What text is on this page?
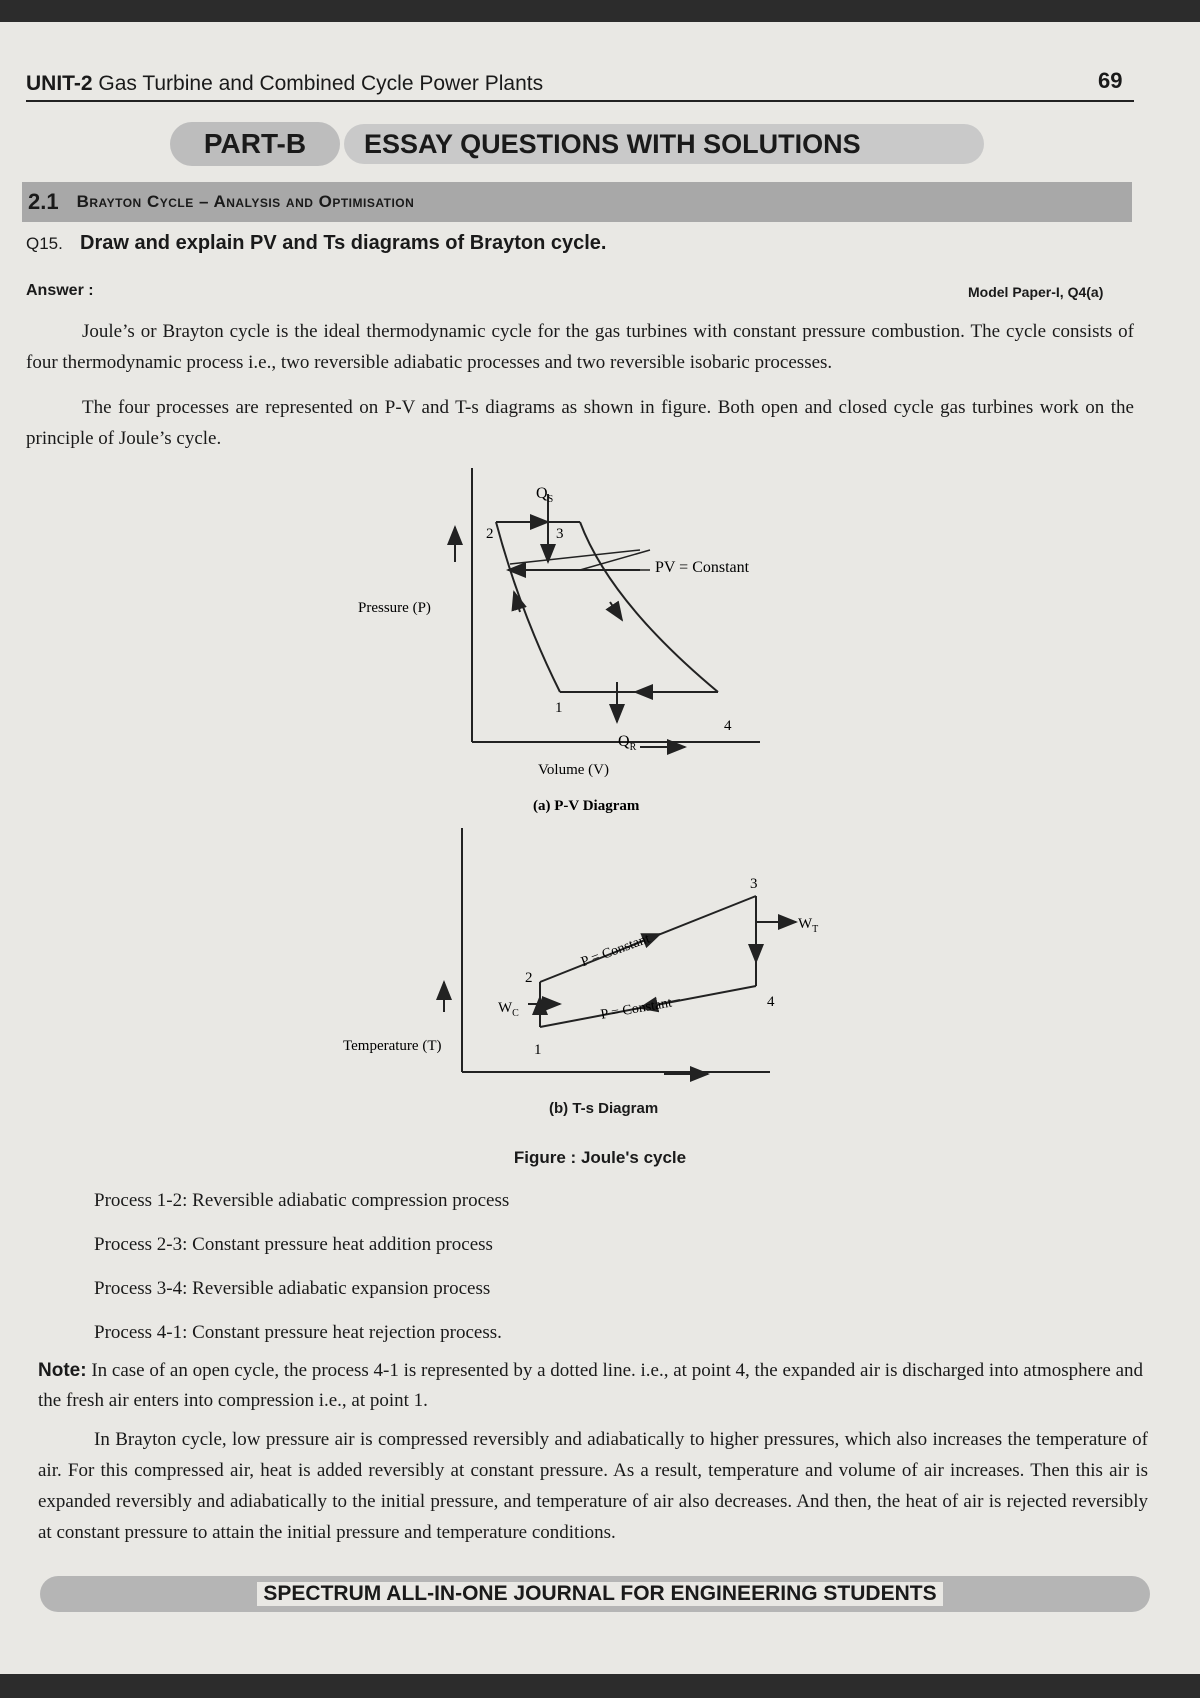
UNIT-2 Gas Turbine and Combined Cycle Power Plants	69
ESSAY QUESTIONS WITH SOLUTIONS
PART-B
2.1 Brayton Cycle – Analysis and Optimisation
Q15. Draw and explain PV and Ts diagrams of Brayton cycle.
Answer :	Model Paper-I, Q4(a)
Joule’s or Brayton cycle is the ideal thermodynamic cycle for the gas turbines with constant pressure combustion. The cycle consists of four thermodynamic process i.e., two reversible adiabatic processes and two reversible isobaric processes.
The four processes are represented on P-V and T-s diagrams as shown in figure. Both open and closed cycle gas turbines work on the principle of Joule’s cycle.
Pressure (P)
Volume (V)
$Q_S$
$Q_R$
PV = Constant
1
2	3
4
(a) P-V Diagram
Temperature (T)
P = Constant
P = Constant
$W_C$
$W_T$
1
2
3
4
(b) T-s Diagram
Figure : Joule's cycle
Process 1-2: Reversible adiabatic compression process
Process 2-3: Constant pressure heat addition process
Process 3-4: Reversible adiabatic expansion process
Process 4-1: Constant pressure heat rejection process.
Note: In case of an open cycle, the process 4-1 is represented by a dotted line. i.e., at point 4, the expanded air is discharged into atmosphere and the fresh air enters into compression i.e., at point 1.
In Brayton cycle, low pressure air is compressed reversibly and adiabatically to higher pressures, which also increases the temperature of air. For this compressed air, heat is added reversibly at constant pressure. As a result, temperature and volume of air increases. Then this air is expanded reversibly and adiabatically to the initial pressure, and temperature of air also decreases. And then, the heat of air is rejected reversibly at constant pressure to attain the initial pressure and temperature conditions.
SPECTRUM ALL-IN-ONE JOURNAL FOR ENGINEERING STUDENTS
